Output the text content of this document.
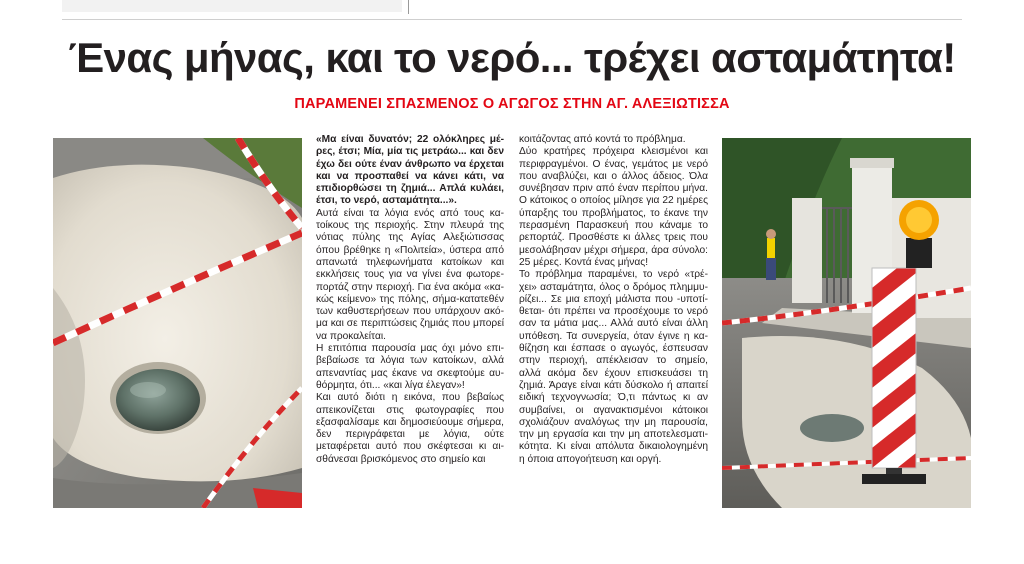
Ένας μήνας, και το νερό... τρέχει ασταμάτητα!
ΠΑΡΑΜΕΝΕΙ ΣΠΑΣΜΕΝΟΣ Ο ΑΓΩΓΟΣ ΣΤΗΝ ΑΓ. ΑΛΕΞΙΩΤΙΣΣΑ

«Μα είναι δυνατόν; 22 ολόκληρες μέρες, έτσι; Μία, μία τις μετράω... και δεν έχω δει ούτε έναν άνθρωπο να έρχεται και να προσπαθεί να κάνει κάτι, να επιδιορθώσει τη ζημιά... Απλά κυλάει, έτσι, το νερό, ασταμάτητα...».

Αυτά είναι τα λόγια ενός από τους κατοίκους της περιοχής. Στην πλευρά της νότιας πύλης της Αγίας Αλεξιώτισσας όπου βρέθηκε η «Πολιτεία», ύστερα από απανωτά τηλεφωνήματα κατοίκων και εκκλήσεις τους για να γίνει ένα φωτορεπορτάζ στην περιοχή. Για ένα ακόμα «κακώς κείμενο» της πόλης, σήμα-κατατεθέν των καθυστερήσεων που υπάρχουν ακόμα και σε περιπτώσεις ζημιάς που μπορεί να προκαλείται.

Η επιτόπια παρουσία μας όχι μόνο επιβεβαίωσε τα λόγια των κατοίκων, αλλά απεναντίας μας έκανε να σκεφτούμε αυθόρμητα, ότι... «και λίγα έλεγαν»!

Και αυτό διότι η εικόνα, που βεβαίως απεικονίζεται στις φωτογραφίες που εξασφαλίσαμε και δημοσιεύουμε σήμερα, δεν περιγράφεται με λόγια, ούτε μεταφέρεται αυτό που σκέφτεσαι κι αισθάνεσαι βρισκόμενος στο σημείο και

κοιτάζοντας από κοντά το πρόβλημα.

Δύο κρατήρες πρόχειρα κλεισμένοι και περιφραγμένοι. Ο ένας, γεμάτος με νερό που αναβλύζει, και ο άλλος άδειος. Όλα συνέβησαν πριν από έναν περίπου μήνα. Ο κάτοικος ο οποίος μίλησε για 22 ημέρες ύπαρξης του προβλήματος, το έκανε την περασμένη Παρασκευή που κάναμε το ρεπορτάζ. Προσθέστε κι άλλες τρεις που μεσολάβησαν μέχρι σήμερα, άρα σύνολο: 25 μέρες. Κοντά ένας μήνας!

Το πρόβλημα παραμένει, το νερό «τρέχει» ασταμάτητα, όλος ο δρόμος πλημμυρίζει... Σε μια εποχή μάλιστα που -υποτίθεται- ότι πρέπει να προσέχουμε το νερό σαν τα μάτια μας... Αλλά αυτό είναι άλλη υπόθεση. Τα συνεργεία, όταν έγινε η καθίζηση και έσπασε ο αγωγός, έσπευσαν στην περιοχή, απέκλεισαν το σημείο, αλλά ακόμα δεν έχουν επισκευάσει τη ζημιά. Άραγε είναι κάτι δύσκολο ή απαιτεί ειδική τεχνογνωσία; Ό,τι πάντως κι αν συμβαίνει, οι αγανακτισμένοι κάτοικοι σχολιάζουν αναλόγως την μη παρουσία, την μη εργασία και την μη αποτελεσματικότητα. Κι είναι απόλυτα δικαιολογημένη η όποια απογοήτευση και οργή.
